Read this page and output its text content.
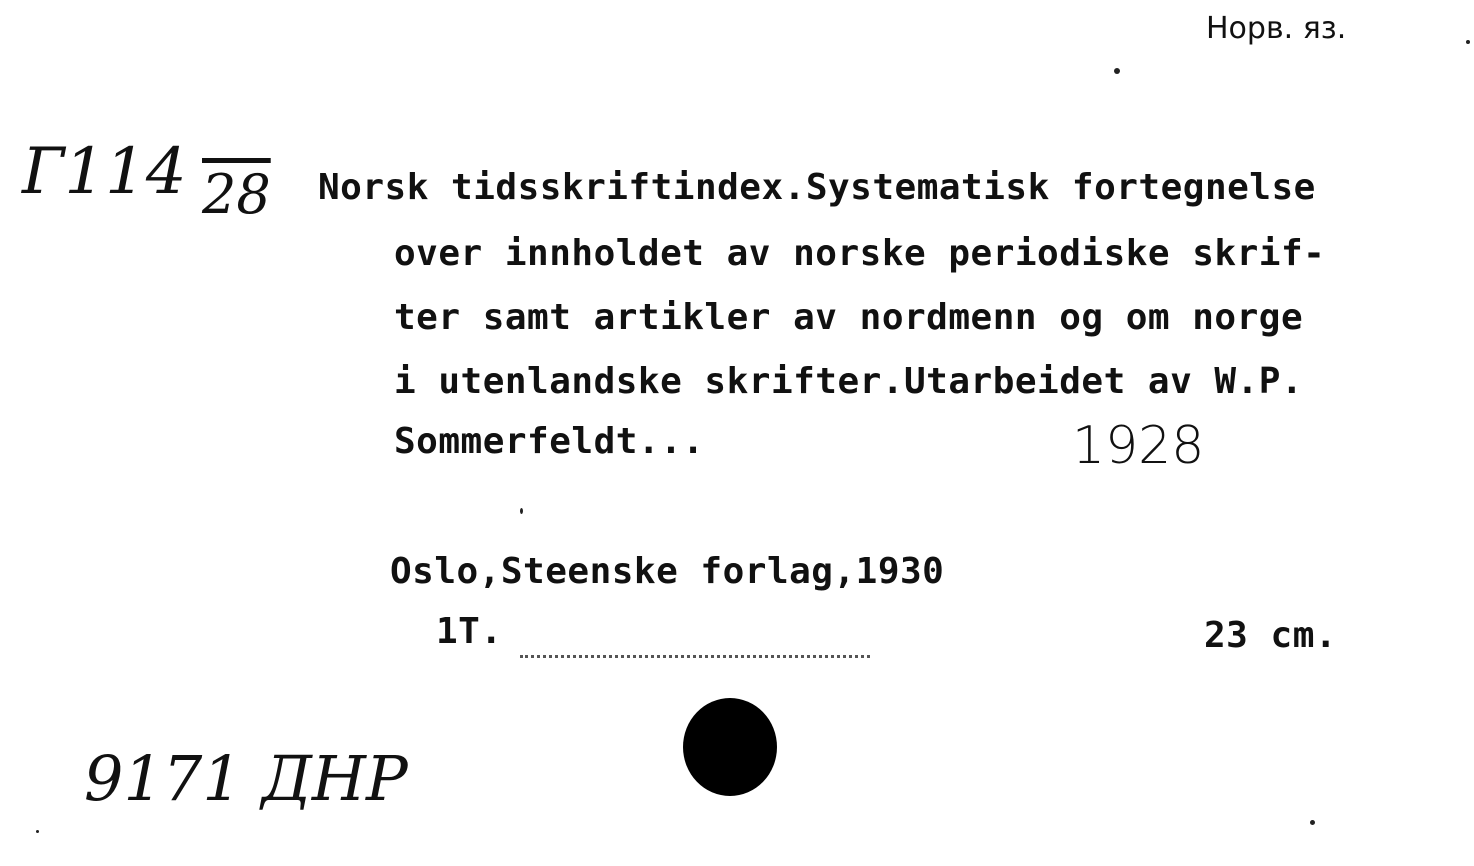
Норв. яз.
Г114 28 Norsk tidsskriftindex.Systematisk fortegnelse
over innholdet av norske periodiske skrif-
ter samt artikler av nordmenn og om norge
i utenlandske skrifter.Utarbeidet av W.P.
Sommerfeldt...	1928
Oslo,Steenske forlag,1930
1T.	23 cm.
9171 ДНР
